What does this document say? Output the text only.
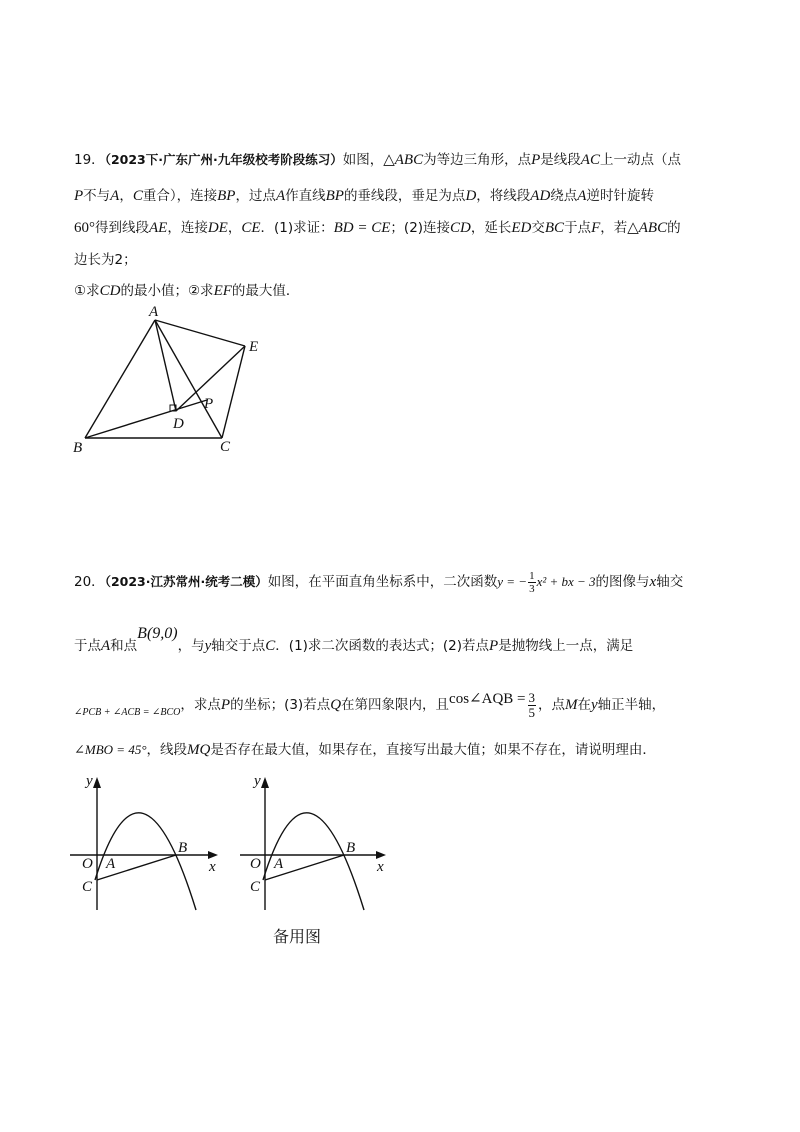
19．（2023下·广东广州·九年级校考阶段练习）如图，△ABC为等边三角形，点P是线段AC上一动点（点
P不与A，C重合），连接BP，过点A作直线BP的垂线段，垂足为点D，将线段AD绕点A逆时针旋转
60°得到线段AE，连接DE，CE．(1)求证：BD = CE；(2)连接CD，延长ED交BC于点F，若△ABC的
边长为2；
①求CD的最小值；②求EF的最大值．
A
E
P
D
B	C
20．（2023·江苏常州·统考二模）如图，在平面直角坐标系中，二次函数y = − $\frac{1}{3} x^2$ + bx − 3的图像与x轴交
于点A和点B(9,0)，与y轴交于点C．(1)求二次函数的表达式；(2)若点P是抛物线上一点，满足
$_{\angle PCB + \angle ACB = \angle BCO}$，求点P的坐标；(3)若点Q在第四象限内，且cos∠AQB = $\frac{3}{5}$ ，点M在y轴正半轴，
∠MBO = 45°，线段MQ是否存在最大值，如果存在，直接写出最大值；如果不存在，请说明理由．
y
x
O A
B
C
y
x
O A
B
C
备用图
